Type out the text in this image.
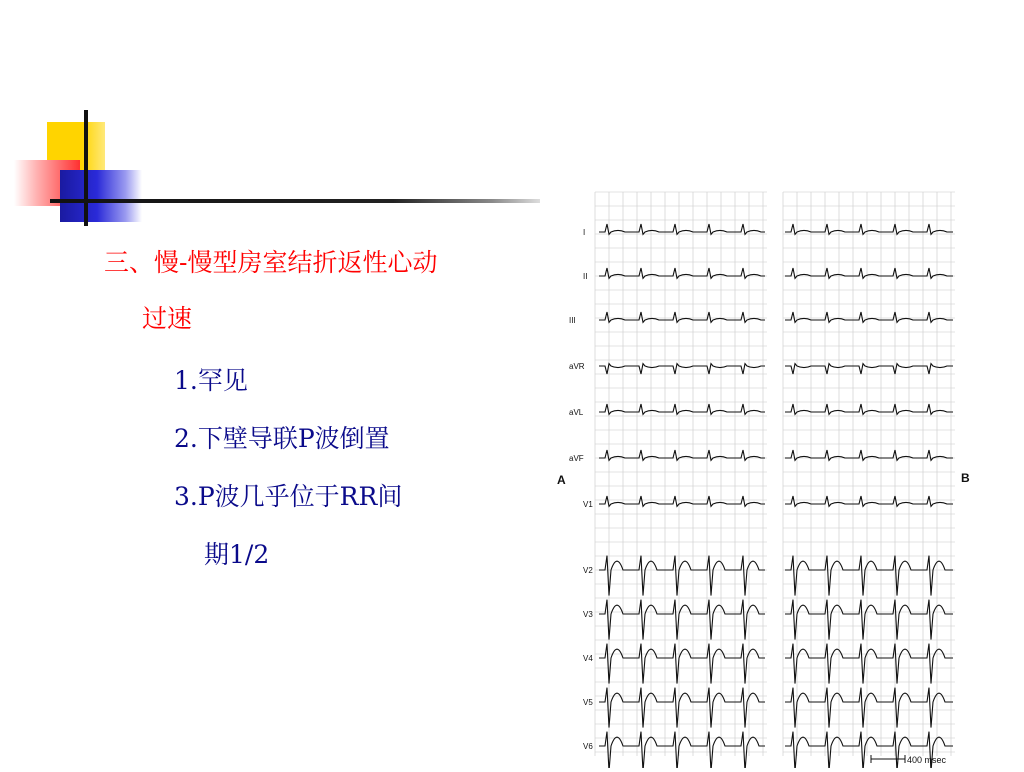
三、慢-慢型房室结折返性心动
过速
1.罕见
2.下壁导联P波倒置
3.P波几乎位于RR间
期1/2
I
II
III
aVR
aVL
aVF
V1
V2
V3
V4
V5
V6
A	B
400 msec
